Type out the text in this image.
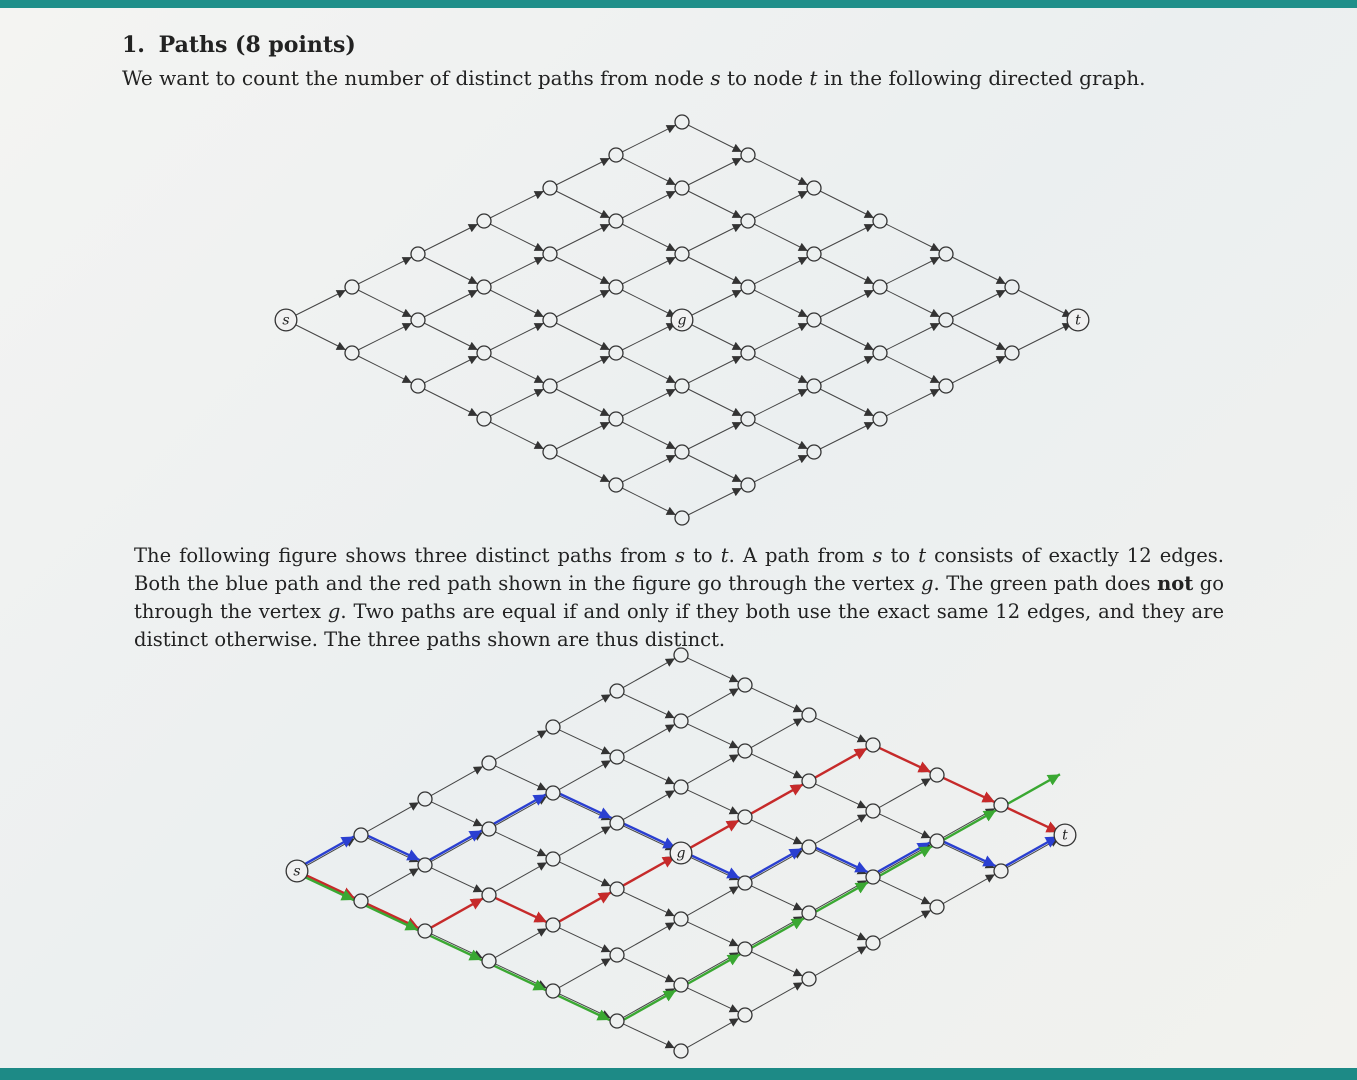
1. Paths (8 points)
We want to count the number of distinct paths from node s to node t in the following directed graph.
s	g	t
The following figure shows three distinct paths from s to t. A path from s to t consists of exactly 12 edges. Both the blue path and the red path shown in the figure go through the vertex g. The green path does not go through the vertex g. Two paths are equal if and only if they both use the exact same 12 edges, and they are distinct otherwise. The three paths shown are thus distinct.
s
g
t
